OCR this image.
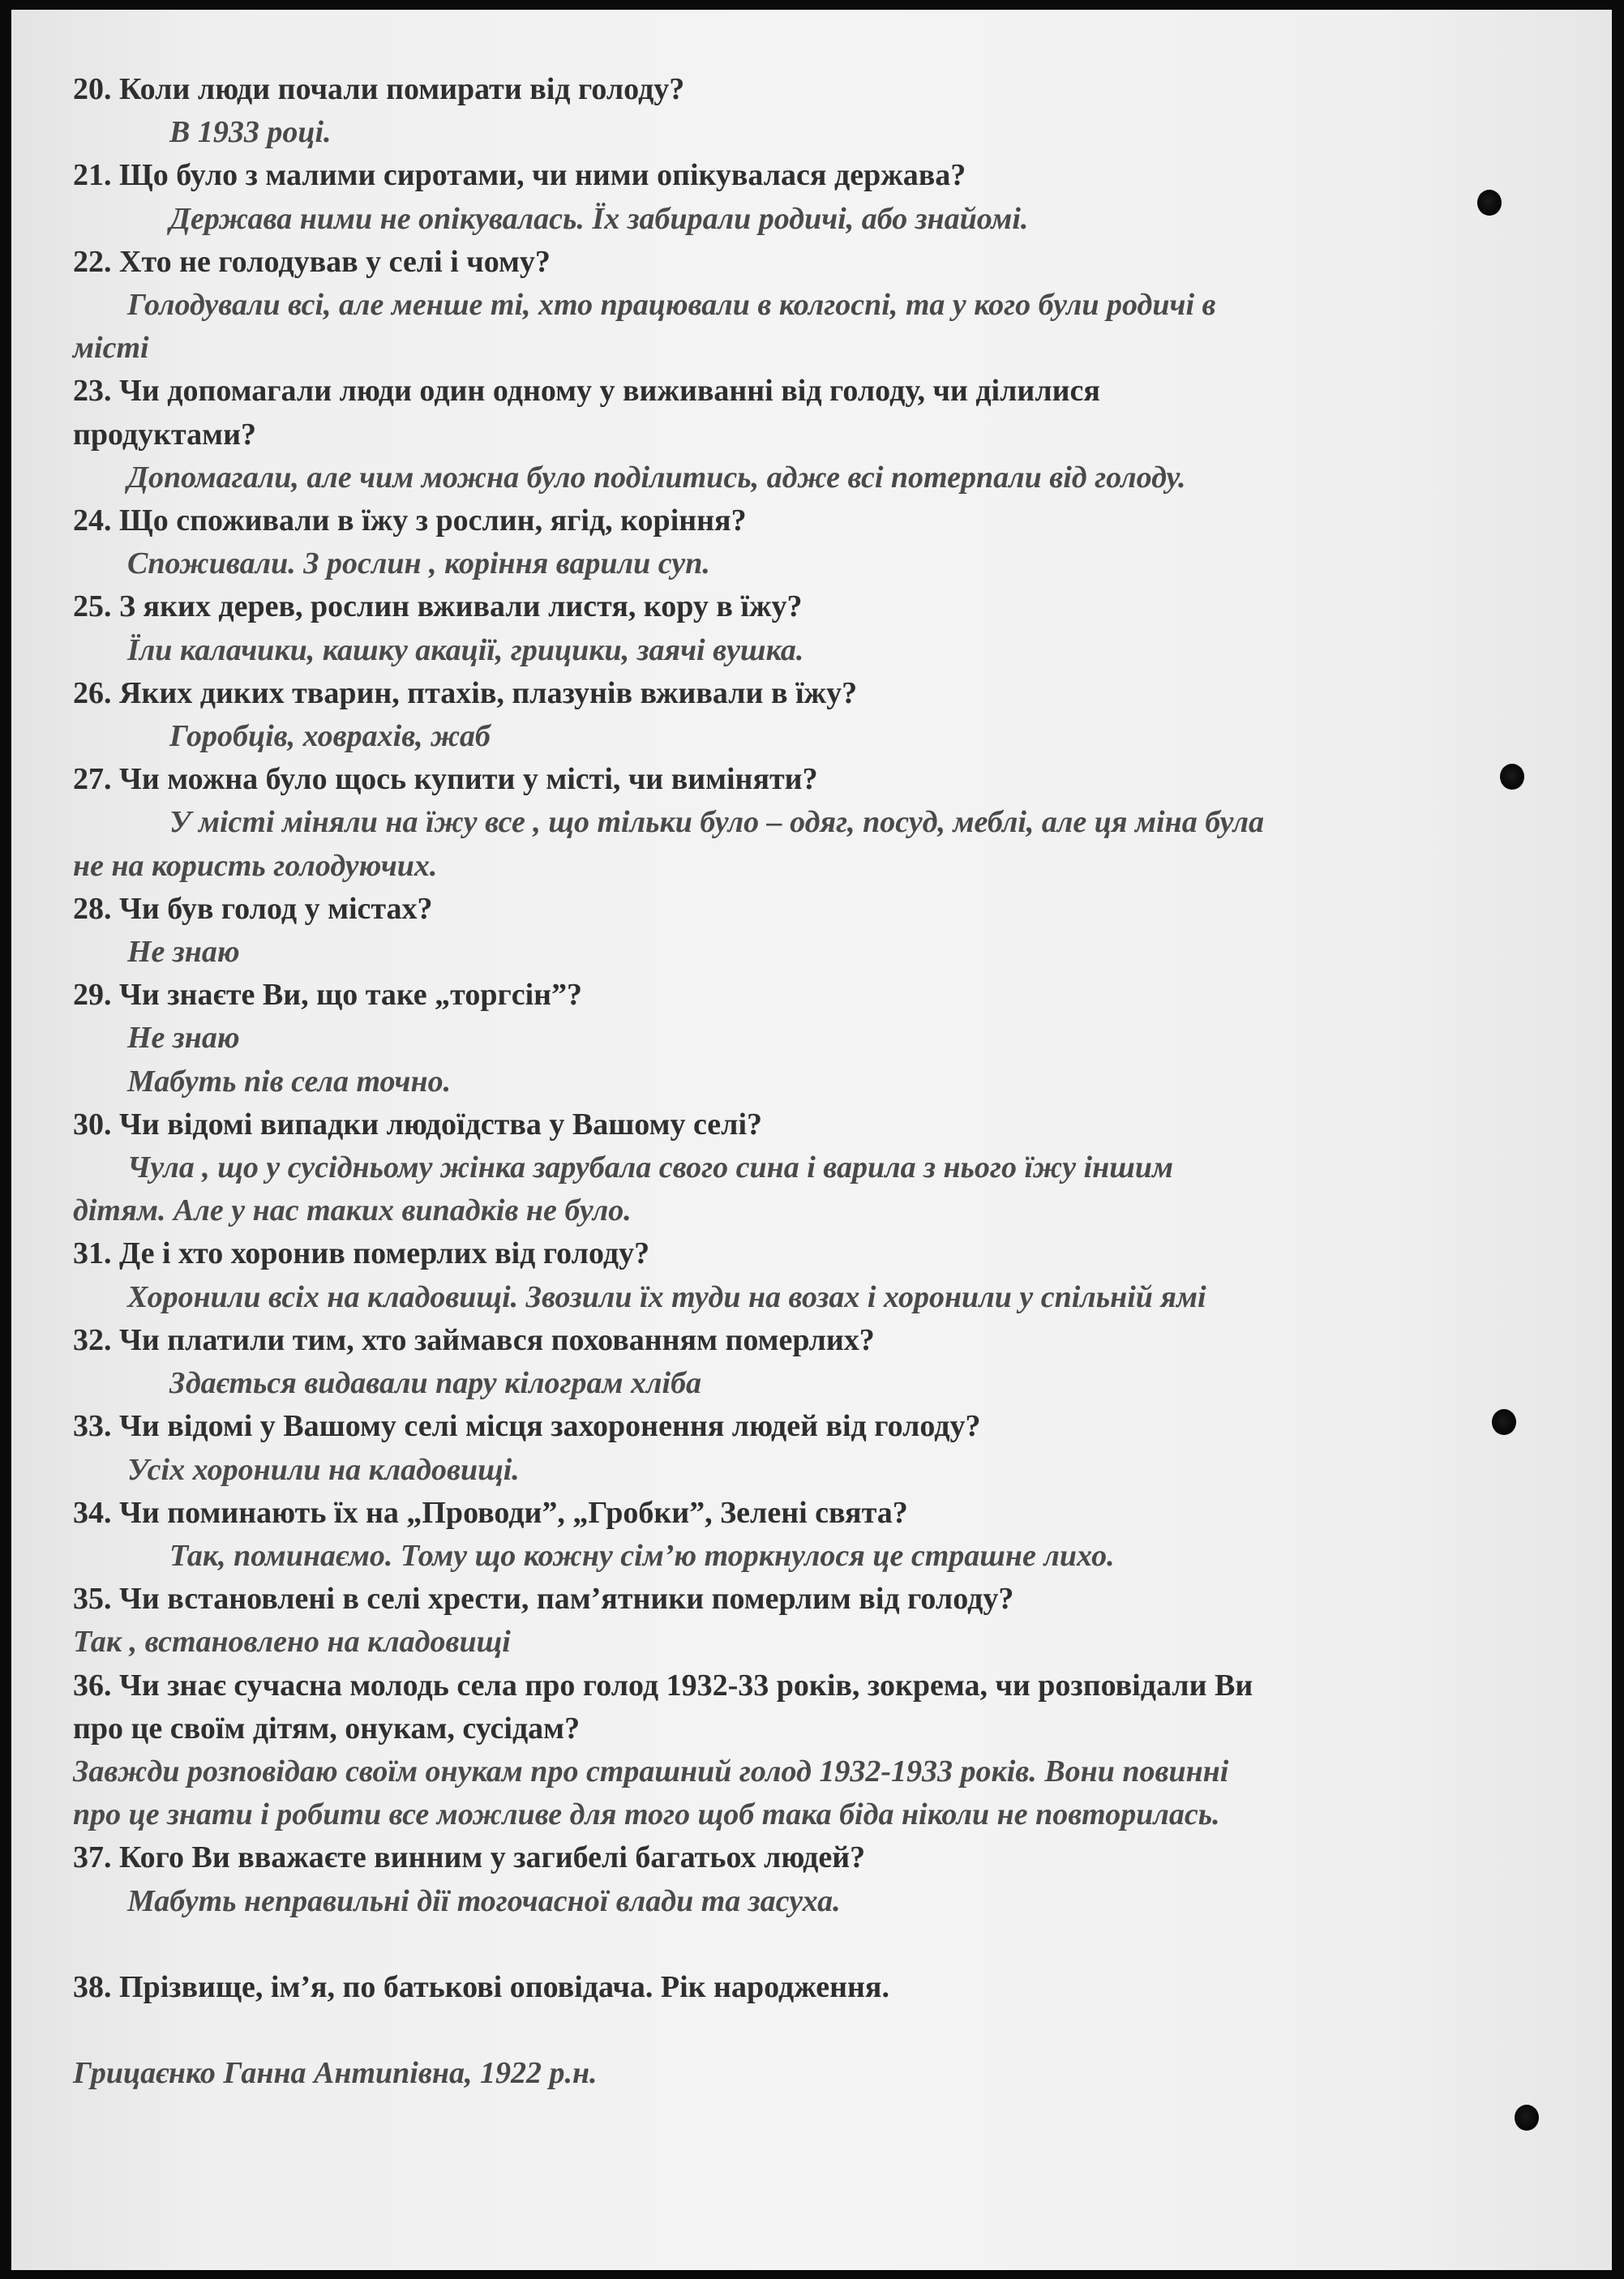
20. Коли люди почали помирати від голоду?
В 1933 році.
21. Що було з малими сиротами, чи ними опікувалася держава?
Держава ними не опікувалась. Їх забирали родичі, або знайомі.
22. Хто не голодував у селі і чому?
Голодували всі, але менше ті, хто працювали в колгоспі, та у кого були родичі в
місті
23. Чи допомагали люди один одному у виживанні від голоду, чи ділилися
продуктами?
Допомагали, але чим можна було поділитись, адже всі потерпали від голоду.
24. Що споживали в їжу з рослин, ягід, коріння?
Споживали. З рослин , коріння варили суп.
25. З яких дерев, рослин вживали листя, кору в їжу?
Їли калачики, кашку акації, грицики, заячі вушка.
26. Яких диких тварин, птахів, плазунів вживали в їжу?
Горобців, ховрахів, жаб
27. Чи можна було щось купити у місті, чи виміняти?
У місті міняли на їжу все , що тільки було – одяг, посуд, меблі, але ця міна була
не на користь голодуючих.
28. Чи був голод у містах?
Не знаю
29. Чи знаєте Ви, що таке „торгсін”?
Не знаю
Мабуть пів села точно.
30. Чи відомі випадки людоїдства у Вашому селі?
Чула , що у сусідньому жінка зарубала свого сина і варила з нього їжу іншим
дітям. Але у нас таких випадків не було.
31. Де і хто хоронив померлих від голоду?
Хоронили всіх на кладовищі. Звозили їх туди на возах і хоронили у спільній ямі
32. Чи платили тим, хто займався похованням померлих?
Здається видавали пару кілограм хліба
33. Чи відомі у Вашому селі місця захоронення людей від голоду?
Усіх хоронили на кладовищі.
34. Чи поминають їх на „Проводи”, „Гробки”, Зелені свята?
Так, поминаємо. Тому що кожну сім’ю торкнулося це страшне лихо.
35. Чи встановлені в селі хрести, пам’ятники померлим від голоду?
Так , встановлено на кладовищі
36. Чи знає сучасна молодь села про голод 1932-33 років, зокрема, чи розповідали Ви
про це своїм дітям, онукам, сусідам?
Завжди розповідаю своїм онукам про страшний голод 1932-1933 років. Вони повинні
про це знати і робити все можливе для того щоб така біда ніколи не повторилась.
37. Кого Ви вважаєте винним у загибелі багатьох людей?
Мабуть неправильні дії тогочасної влади та засуха.
38. Прізвище, ім’я, по батькові оповідача. Рік народження.
Грицаєнко Ганна Антипівна, 1922 р.н.
